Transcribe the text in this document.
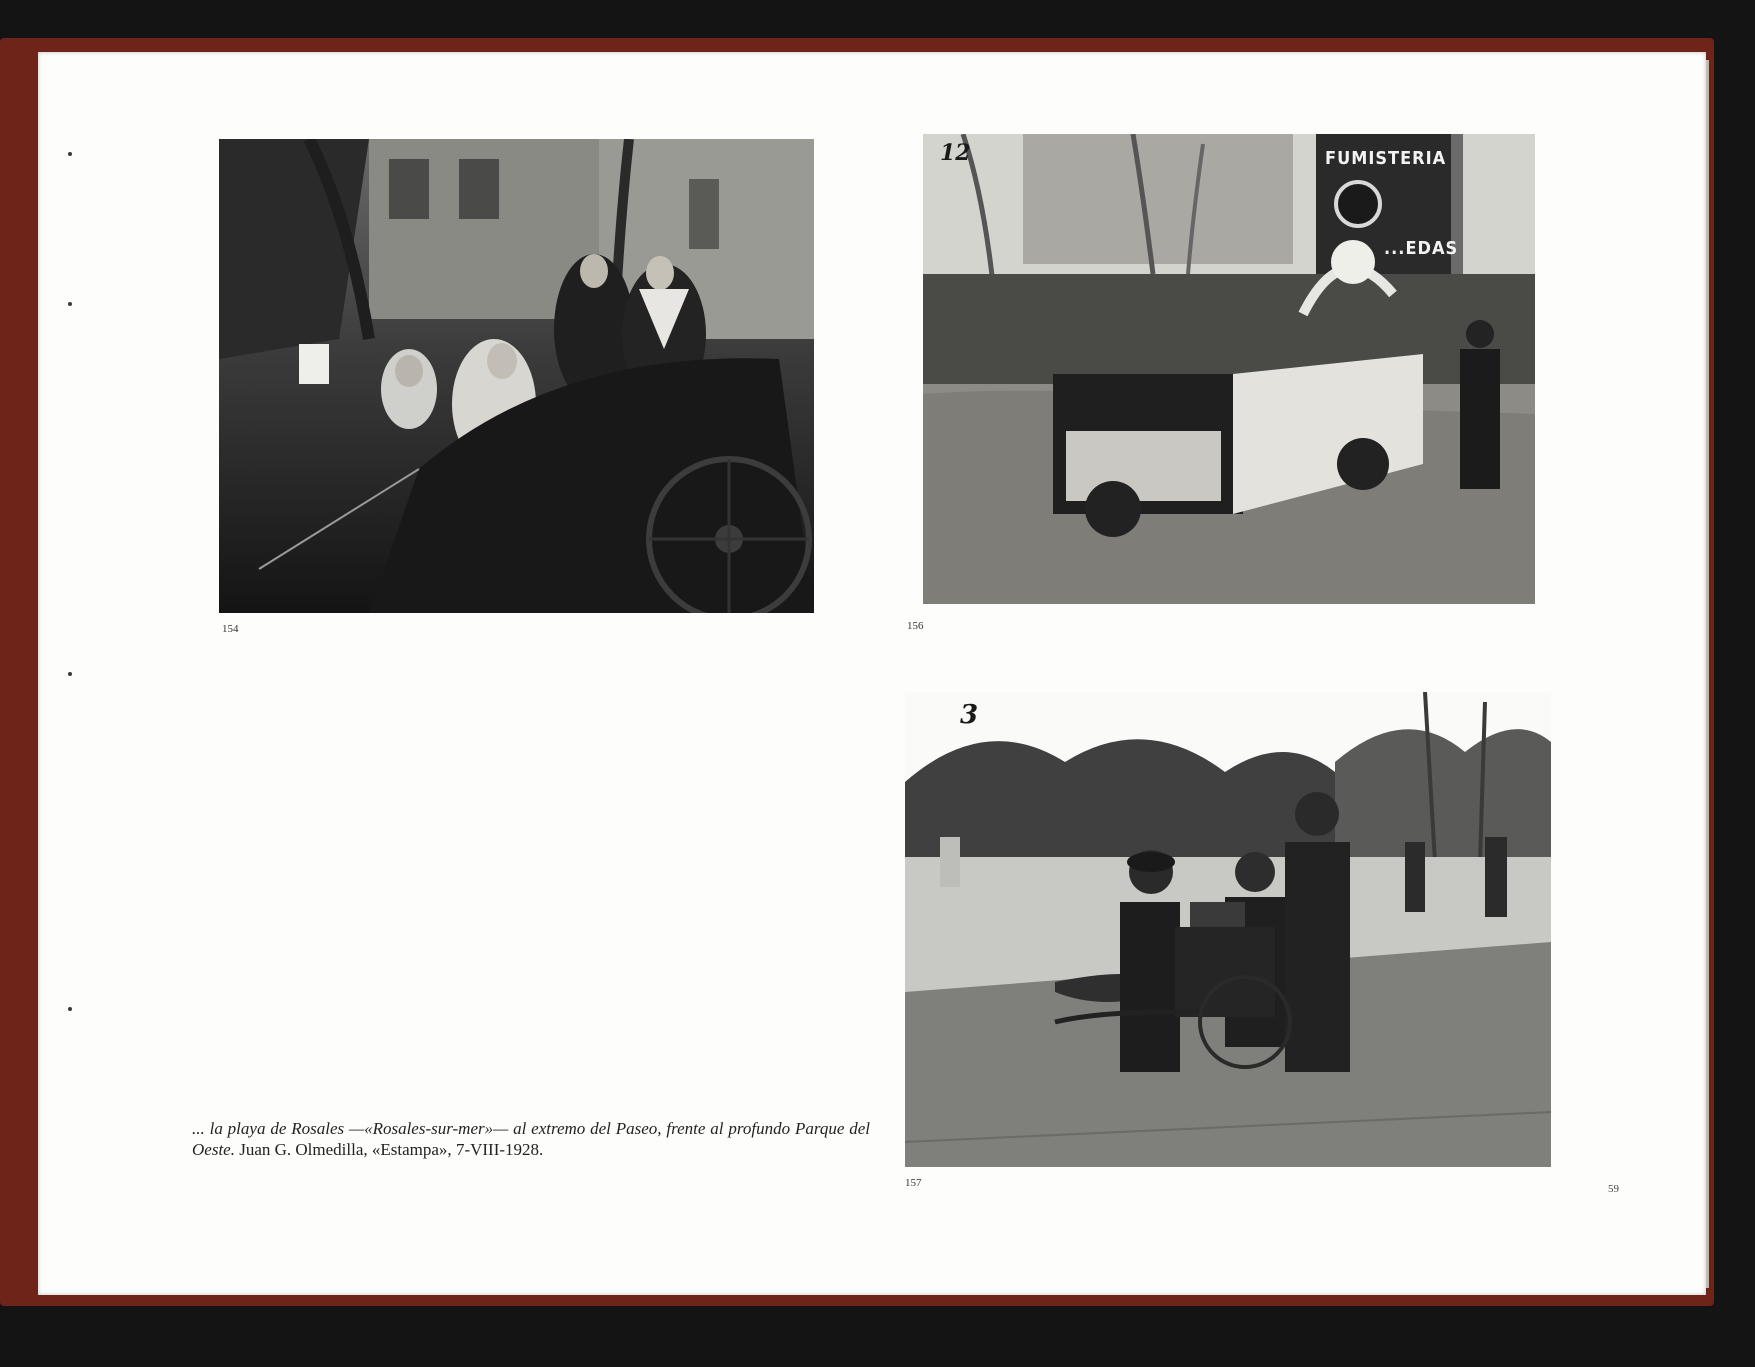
154
FUMISTERIA
...EDAS
12
156
3
157
... la playa de Rosales —«Rosales-sur-mer»— al extremo del Paseo, frente al profundo Parque del Oeste. Juan G. Olmedilla, «Estampa», 7-VIII-1928.
59
